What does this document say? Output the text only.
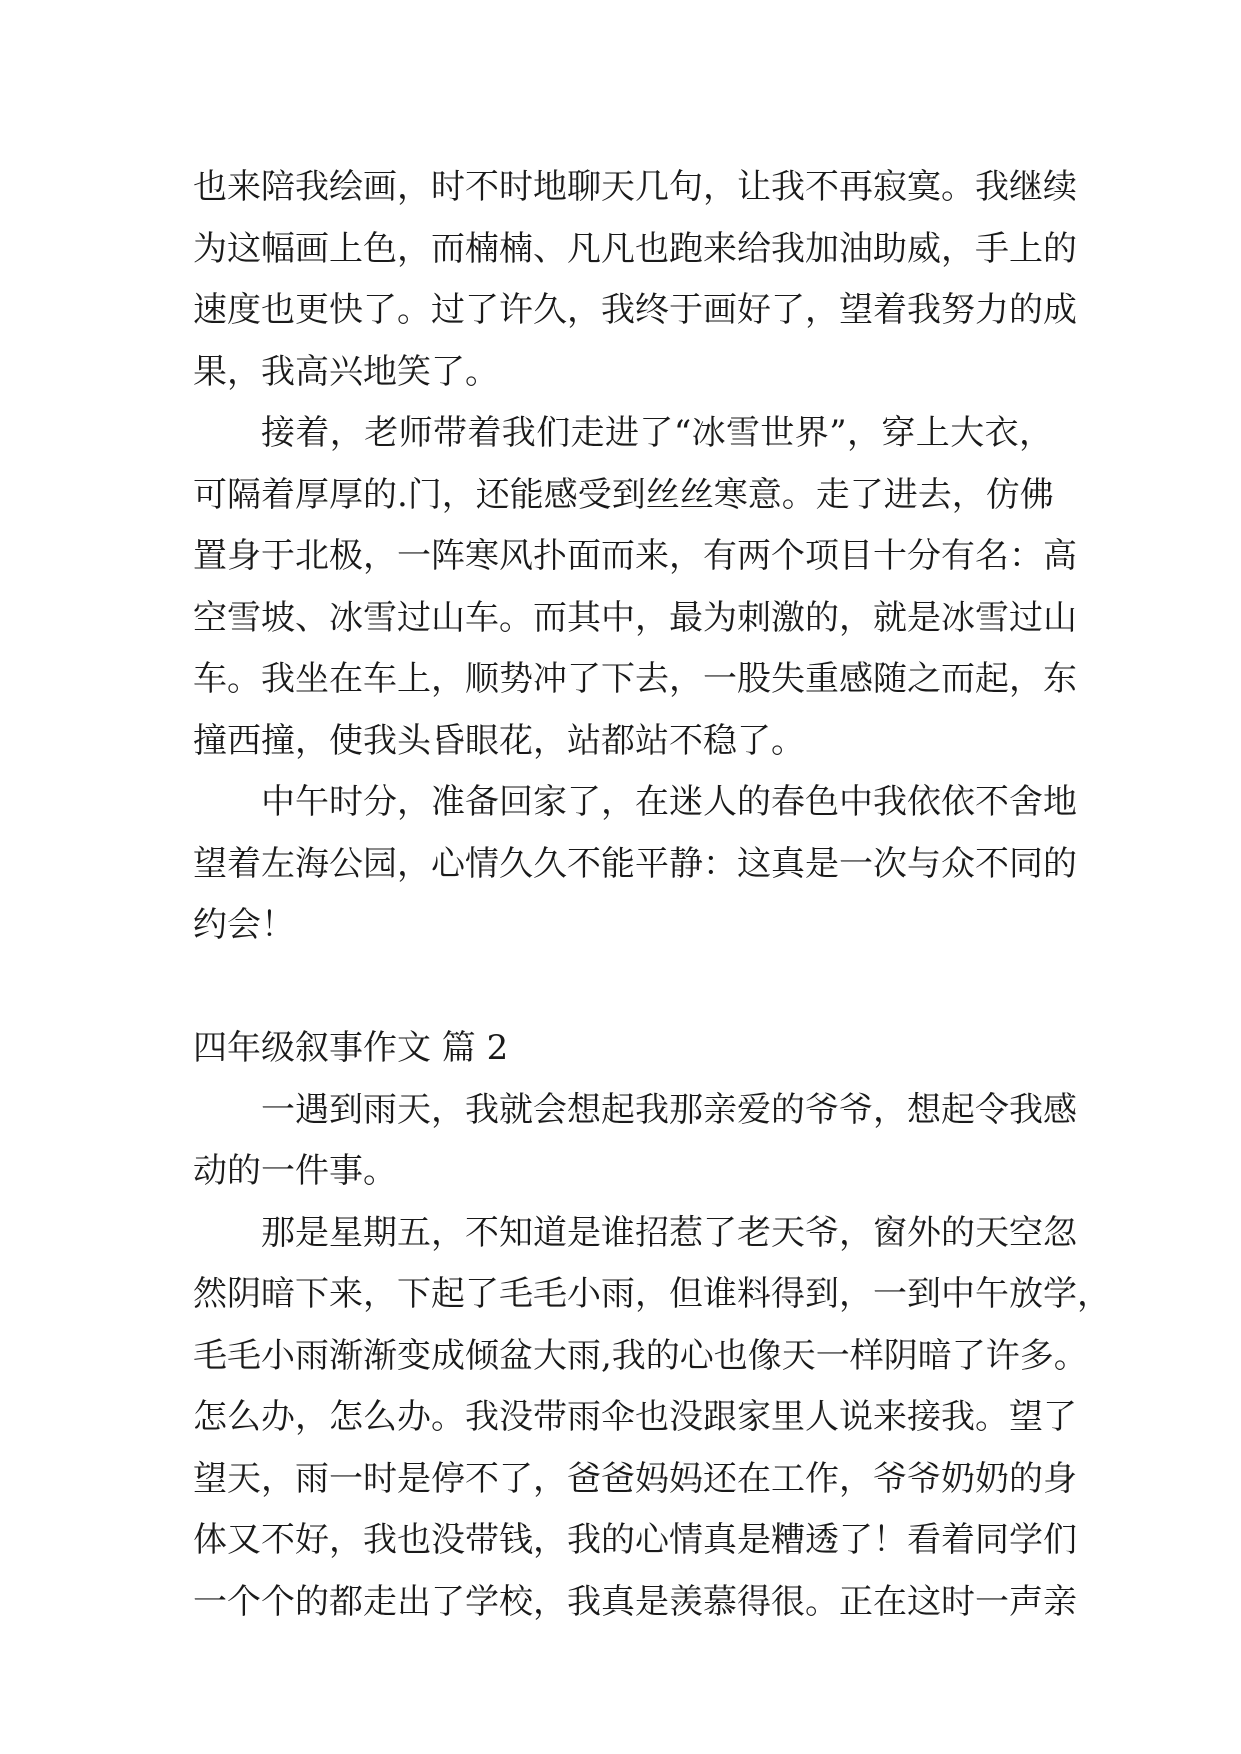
也来陪我绘画，时不时地聊天几句，让我不再寂寞。我继续
为这幅画上色，而楠楠、凡凡也跑来给我加油助威，手上的
速度也更快了。过了许久，我终于画好了，望着我努力的成
果，我高兴地笑了。
接着，老师带着我们走进了“冰雪世界”，穿上大衣，
可隔着厚厚的.门，还能感受到丝丝寒意。走了进去，仿佛
置身于北极，一阵寒风扑面而来，有两个项目十分有名：高
空雪坡、冰雪过山车。而其中，最为刺激的，就是冰雪过山
车。我坐在车上，顺势冲了下去，一股失重感随之而起，东
撞西撞，使我头昏眼花，站都站不稳了。
中午时分，准备回家了，在迷人的春色中我依依不舍地
望着左海公园，心情久久不能平静：这真是一次与众不同的
约会！
四年级叙事作文 篇 2
一遇到雨天，我就会想起我那亲爱的爷爷，想起令我感
动的一件事。
那是星期五，不知道是谁招惹了老天爷，窗外的天空忽
然阴暗下来，下起了毛毛小雨，但谁料得到，一到中午放学，
毛毛小雨渐渐变成倾盆大雨,我的心也像天一样阴暗了许多。
怎么办，怎么办。我没带雨伞也没跟家里人说来接我。望了
望天，雨一时是停不了，爸爸妈妈还在工作，爷爷奶奶的身
体又不好，我也没带钱，我的心情真是糟透了！看着同学们
一个个的都走出了学校，我真是羡慕得很。正在这时一声亲
